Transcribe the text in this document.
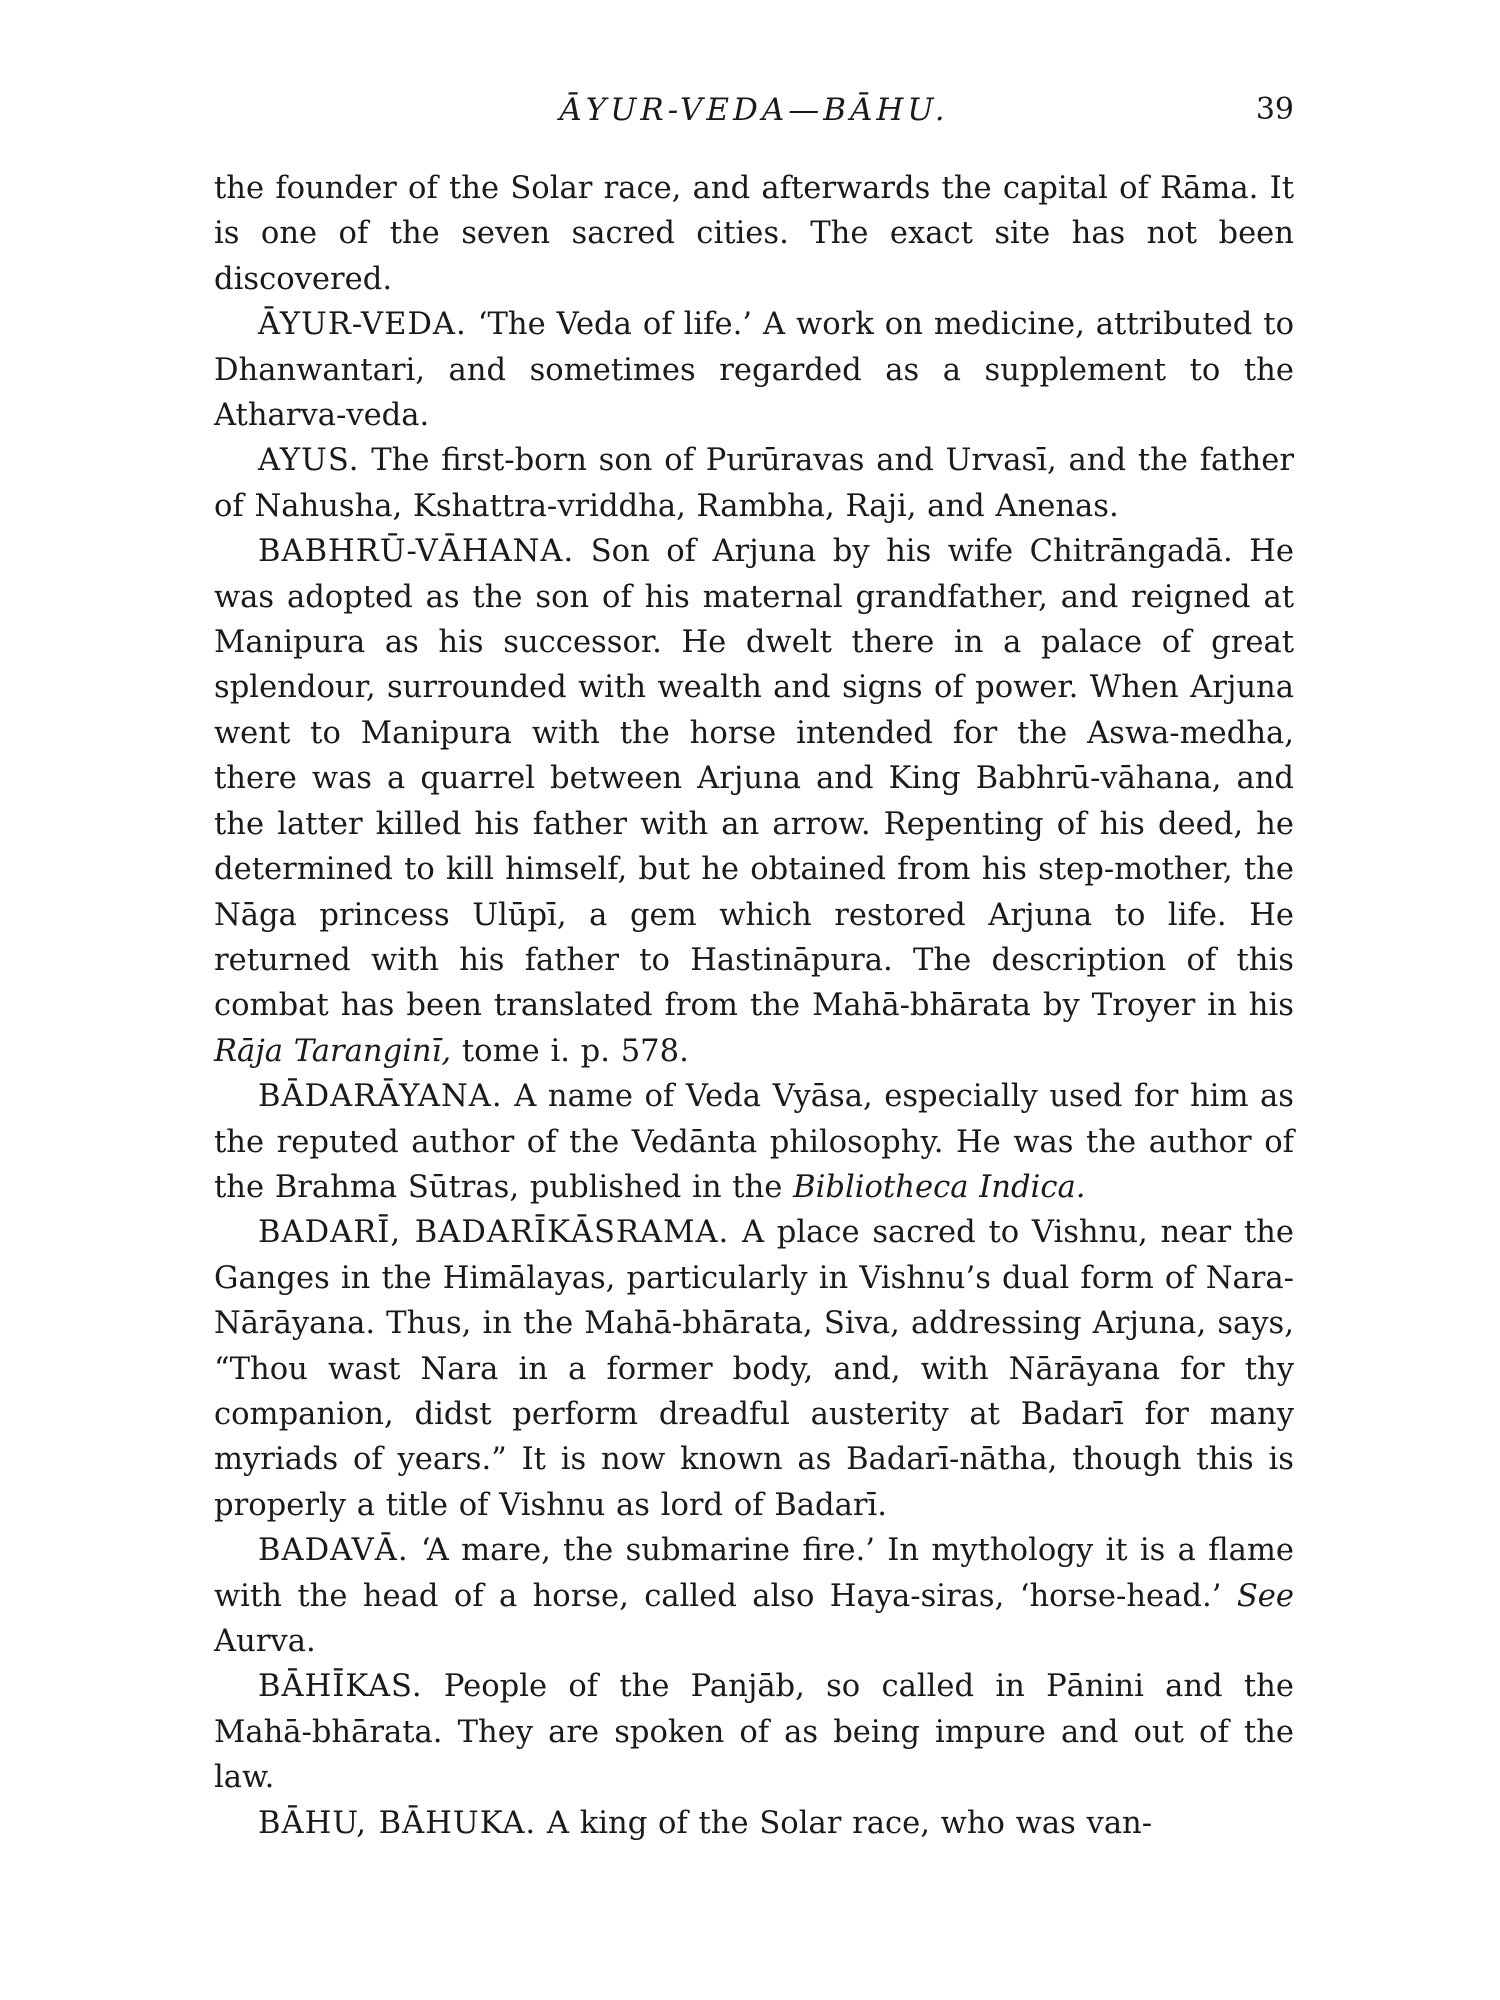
ĀYUR-VEDA—BĀHU.	39

the founder of the Solar race, and afterwards the capital of Rāma. It is one of the seven sacred cities. The exact site has not been discovered.

ĀYUR-VEDA. ‘The Veda of life.’ A work on medicine, attributed to Dhanwantari, and sometimes regarded as a supplement to the Atharva-veda.

AYUS. The first-born son of Purūravas and Urvasī, and the father of Nahusha, Kshattra-vriddha, Rambha, Raji, and Anenas.

BABHRŪ-VĀHANA. Son of Arjuna by his wife Chitrāngadā. He was adopted as the son of his maternal grandfather, and reigned at Manipura as his successor. He dwelt there in a palace of great splendour, surrounded with wealth and signs of power. When Arjuna went to Manipura with the horse intended for the Aswa-medha, there was a quarrel between Arjuna and King Babhrū-vāhana, and the latter killed his father with an arrow. Repenting of his deed, he determined to kill himself, but he obtained from his step-mother, the Nāga princess Ulūpī, a gem which restored Arjuna to life. He returned with his father to Hastināpura. The description of this combat has been translated from the Mahā-bhārata by Troyer in his Rāja Taranginī, tome i. p. 578.

BĀDARĀYANA. A name of Veda Vyāsa, especially used for him as the reputed author of the Vedānta philosophy. He was the author of the Brahma Sūtras, published in the Bibliotheca Indica.

BADARĪ, BADARĪKĀSRAMA. A place sacred to Vishnu, near the Ganges in the Himālayas, particularly in Vishnu’s dual form of Nara-Nārāyana. Thus, in the Mahā-bhārata, Siva, addressing Arjuna, says, “Thou wast Nara in a former body, and, with Nārāyana for thy companion, didst perform dreadful austerity at Badarī for many myriads of years.” It is now known as Badarī-nātha, though this is properly a title of Vishnu as lord of Badarī.

BADAVĀ. ‘A mare, the submarine fire.’ In mythology it is a flame with the head of a horse, called also Haya-siras, ‘horse-head.’ See Aurva.

BĀHĪKAS. People of the Panjāb, so called in Pānini and the Mahā-bhārata. They are spoken of as being impure and out of the law.

BĀHU, BĀHUKA. A king of the Solar race, who was van-
